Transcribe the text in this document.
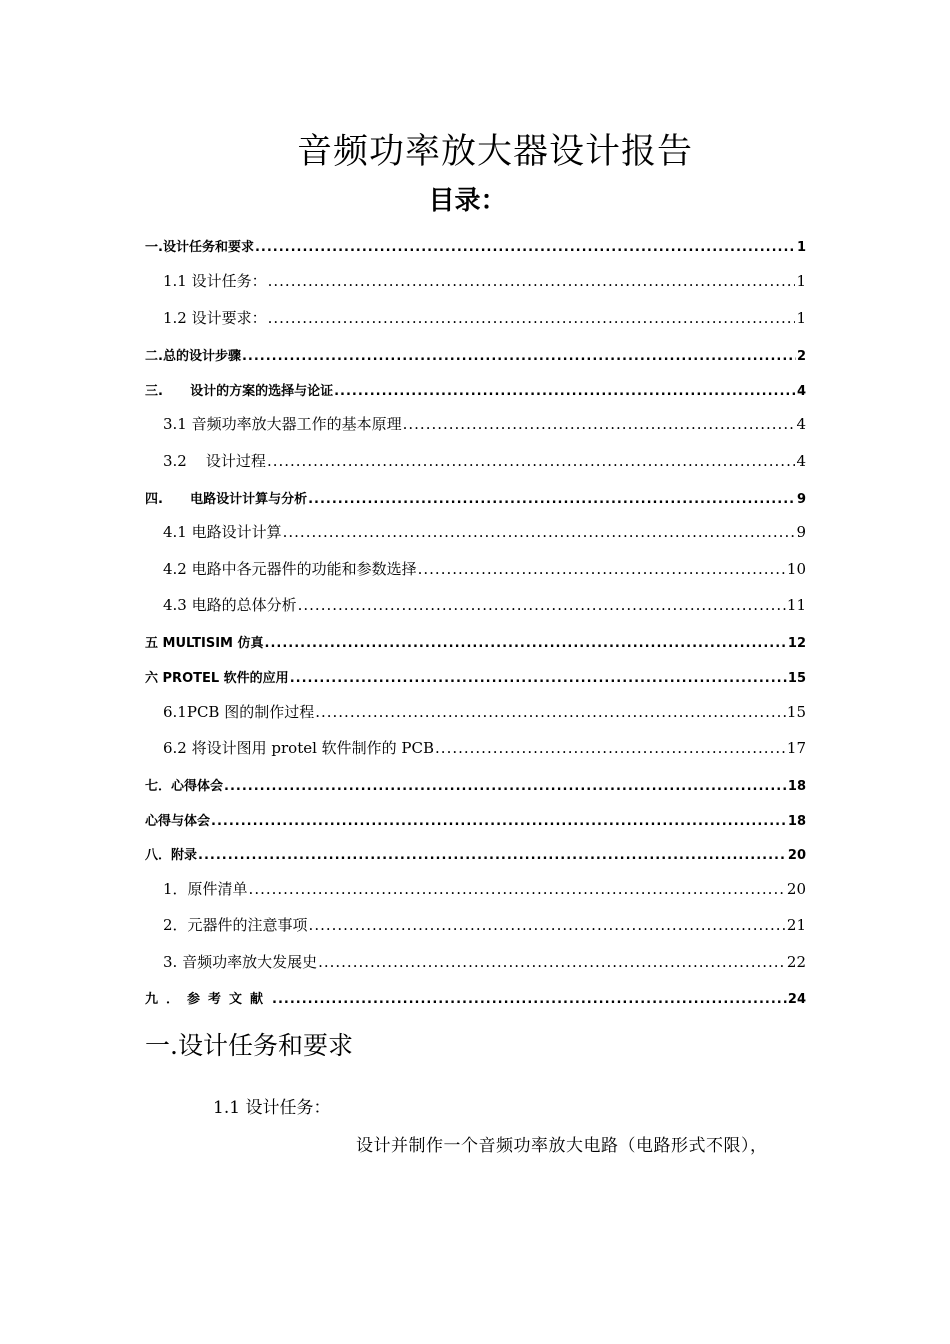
音频功率放大器设计报告
目录：
一.设计任务和要求 .....	1
1.1 设计任务： .....	1
1.2 设计要求： .....	1
二.总的设计步骤 .....	2
三.      设计的方案的选择与论证 .....	4
3.1 音频功率放大器工作的基本原理 .....	4
3.2    设计过程 .....	4
四.      电路设计计算与分析 .....	9
4.1 电路设计计算 .....	9
4.2 电路中各元器件的功能和参数选择 .....	10
4.3 电路的总体分析 .....	11
五 MULTISIM 仿真 .....	12
六 PROTEL 软件的应用 .....	15
6.1PCB 图的制作过程 .....	15
6.2 将设计图用 protel 软件制作的 PCB .....	17
七．心得体会 .....	18
心得与体会 .....	18
八．附录 .....	20
1．原件清单 .....	20
2．元器件的注意事项 .....	21
3. 音频功率放大发展史 .....	22
九．参考文献 .....	24
一.设计任务和要求
1.1 设计任务：
设计并制作一个音频功率放大电路（电路形式不限），
